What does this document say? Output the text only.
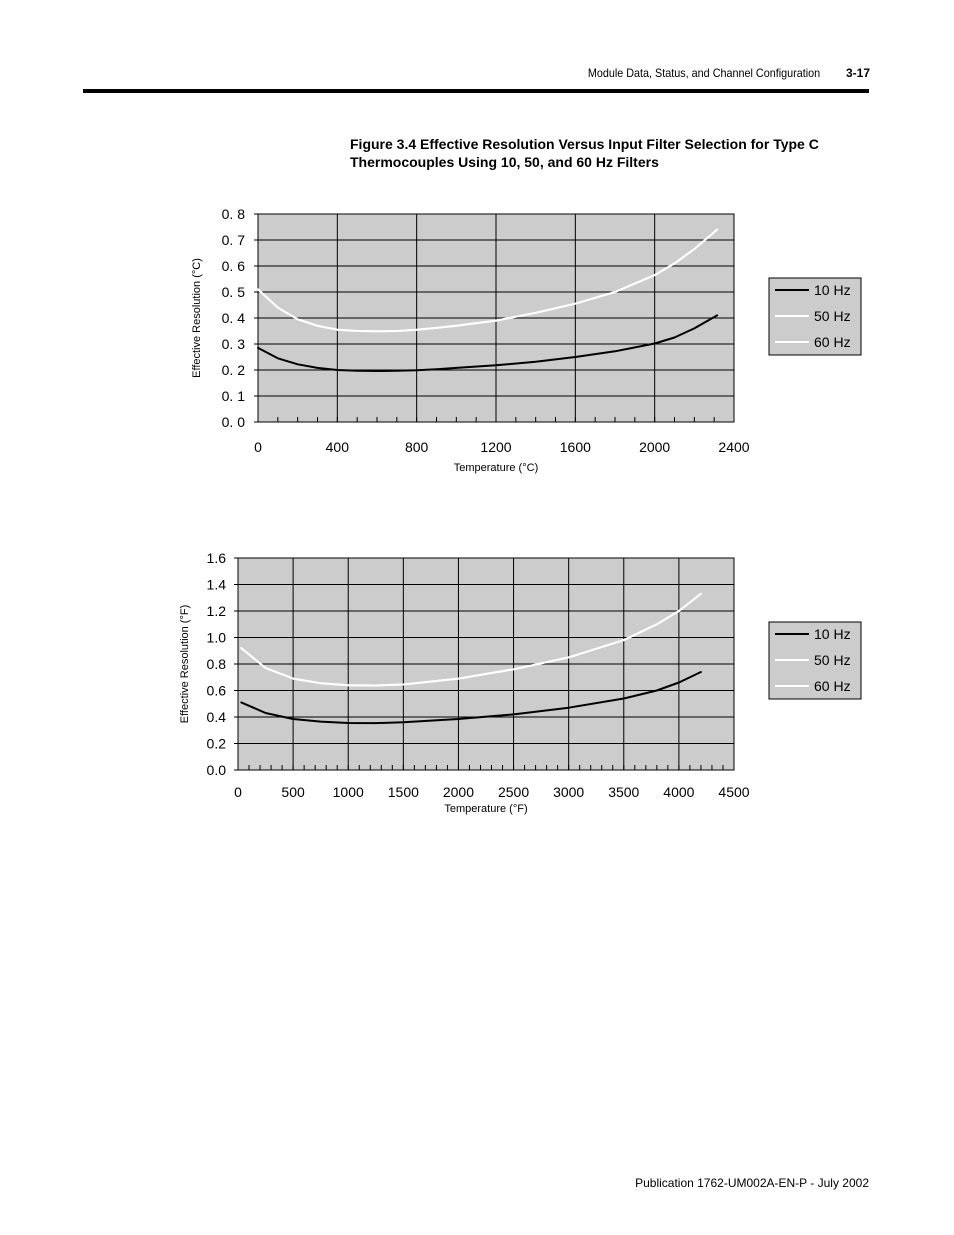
Module Data, Status, and Channel Configuration 3-17
Figure 3.4 Effective Resolution Versus Input Filter Selection for Type C
Thermocouples Using 10, 50, and 60 Hz Filters
0. 0
0. 1
0. 2
0. 3
0. 4
0. 5
0. 6
0. 7
0. 8
0	400	800	1200	1600	2000	2400
Temperature (°C)
Effective Resolution (°C)	10 Hz
50 Hz
60 Hz
0.0
0.2
0.4
0.6
0.8
1.0
1.2
1.4
1.6
0	500 1000 1500 2000 2500 3000 3500 4000 4500
Temperature (°F)
Effective Resolution (°F)	10 Hz
50 Hz
60 Hz
Publication 1762-UM002A-EN-P - July 2002
